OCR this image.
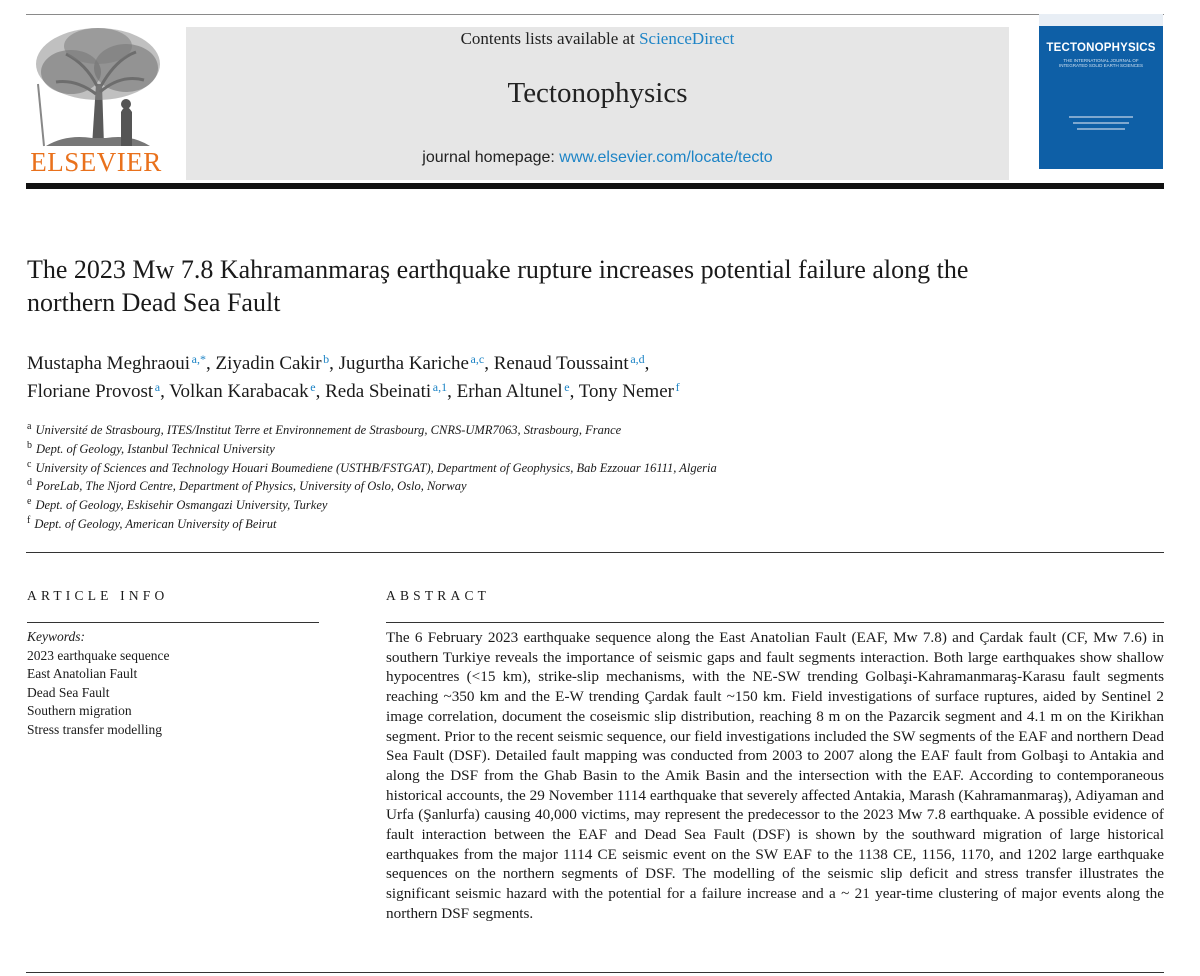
ELSEVIER
Contents lists available at ScienceDirect
Tectonophysics
journal homepage: www.elsevier.com/locate/tecto
TECTONOPHYSICS
THE INTERNATIONAL JOURNAL OF INTEGRATED SOLID EARTH SCIENCES
The 2023 Mw 7.8 Kahramanmaraş earthquake rupture increases potential failure along the northern Dead Sea Fault
Mustapha Meghraoui  $^{a,*}$, Ziyadin Cakir  $^b$, Jugurtha Kariche  $^{a,c}$, Renaud Toussaint  $^{a,d}$,
Floriane Provost  $^a$, Volkan Karabacak  $^e$, Reda Sbeinati  $^{a,1}$, Erhan Altunel  $^e$, Tony Nemer  $^f$
$^a$ Université de Strasbourg, ITES/Institut Terre et Environnement de Strasbourg, CNRS-UMR7063, Strasbourg, France
$^b$ Dept. of Geology, Istanbul Technical University
$^c$ University of Sciences and Technology Houari Boumediene (USTHB/FSTGAT), Department of Geophysics, Bab Ezzouar 16111, Algeria
$^d$ PoreLab, The Njord Centre, Department of Physics, University of Oslo, Oslo, Norway
$^e$ Dept. of Geology, Eskisehir Osmangazi University, Turkey
$^f$ Dept. of Geology, American University of Beirut
ARTICLE INFO
Keywords:
2023 earthquake sequence
East Anatolian Fault
Dead Sea Fault
Southern migration
Stress transfer modelling
ABSTRACT
The 6 February 2023 earthquake sequence along the East Anatolian Fault (EAF, Mw 7.8) and Çardak fault (CF, Mw 7.6) in southern Turkiye reveals the importance of seismic gaps and fault segments interaction. Both large earthquakes show shallow hypocentres (<15 km), strike-slip mechanisms, with the NE-SW trending Golbaşi-Kahramanmaraş-Karasu fault segments reaching ~350 km and the E-W trending Çardak fault ~150 km. Field investigations of surface ruptures, aided by Sentinel 2 image correlation, document the coseismic slip distribution, reaching 8 m on the Pazarcik segment and 4.1 m on the Kirikhan segment. Prior to the recent seismic sequence, our field investigations included the SW segments of the EAF and northern Dead Sea Fault (DSF). Detailed fault mapping was conducted from 2003 to 2007 along the EAF fault from Golbaşi to Antakia and along the DSF from the Ghab Basin to the Amik Basin and the intersection with the EAF. According to contemporaneous historical accounts, the 29 November 1114 earthquake that severely affected Antakia, Marash (Kahramanmaraş), Adiyaman and Urfa (Şanlurfa) causing 40,000 victims, may represent the predecessor to the 2023 Mw 7.8 earthquake. A possible evidence of fault interaction between the EAF and Dead Sea Fault (DSF) is shown by the southward migration of large historical earthquakes from the major 1114 CE seismic event on the SW EAF to the 1138 CE, 1156, 1170, and 1202 large earthquake sequences on the northern segments of DSF. The modelling of the seismic slip deficit and stress transfer illustrates the significant seismic hazard with the potential for a failure increase and a ~ 21 year-time clustering of major events along the northern DSF segments.
